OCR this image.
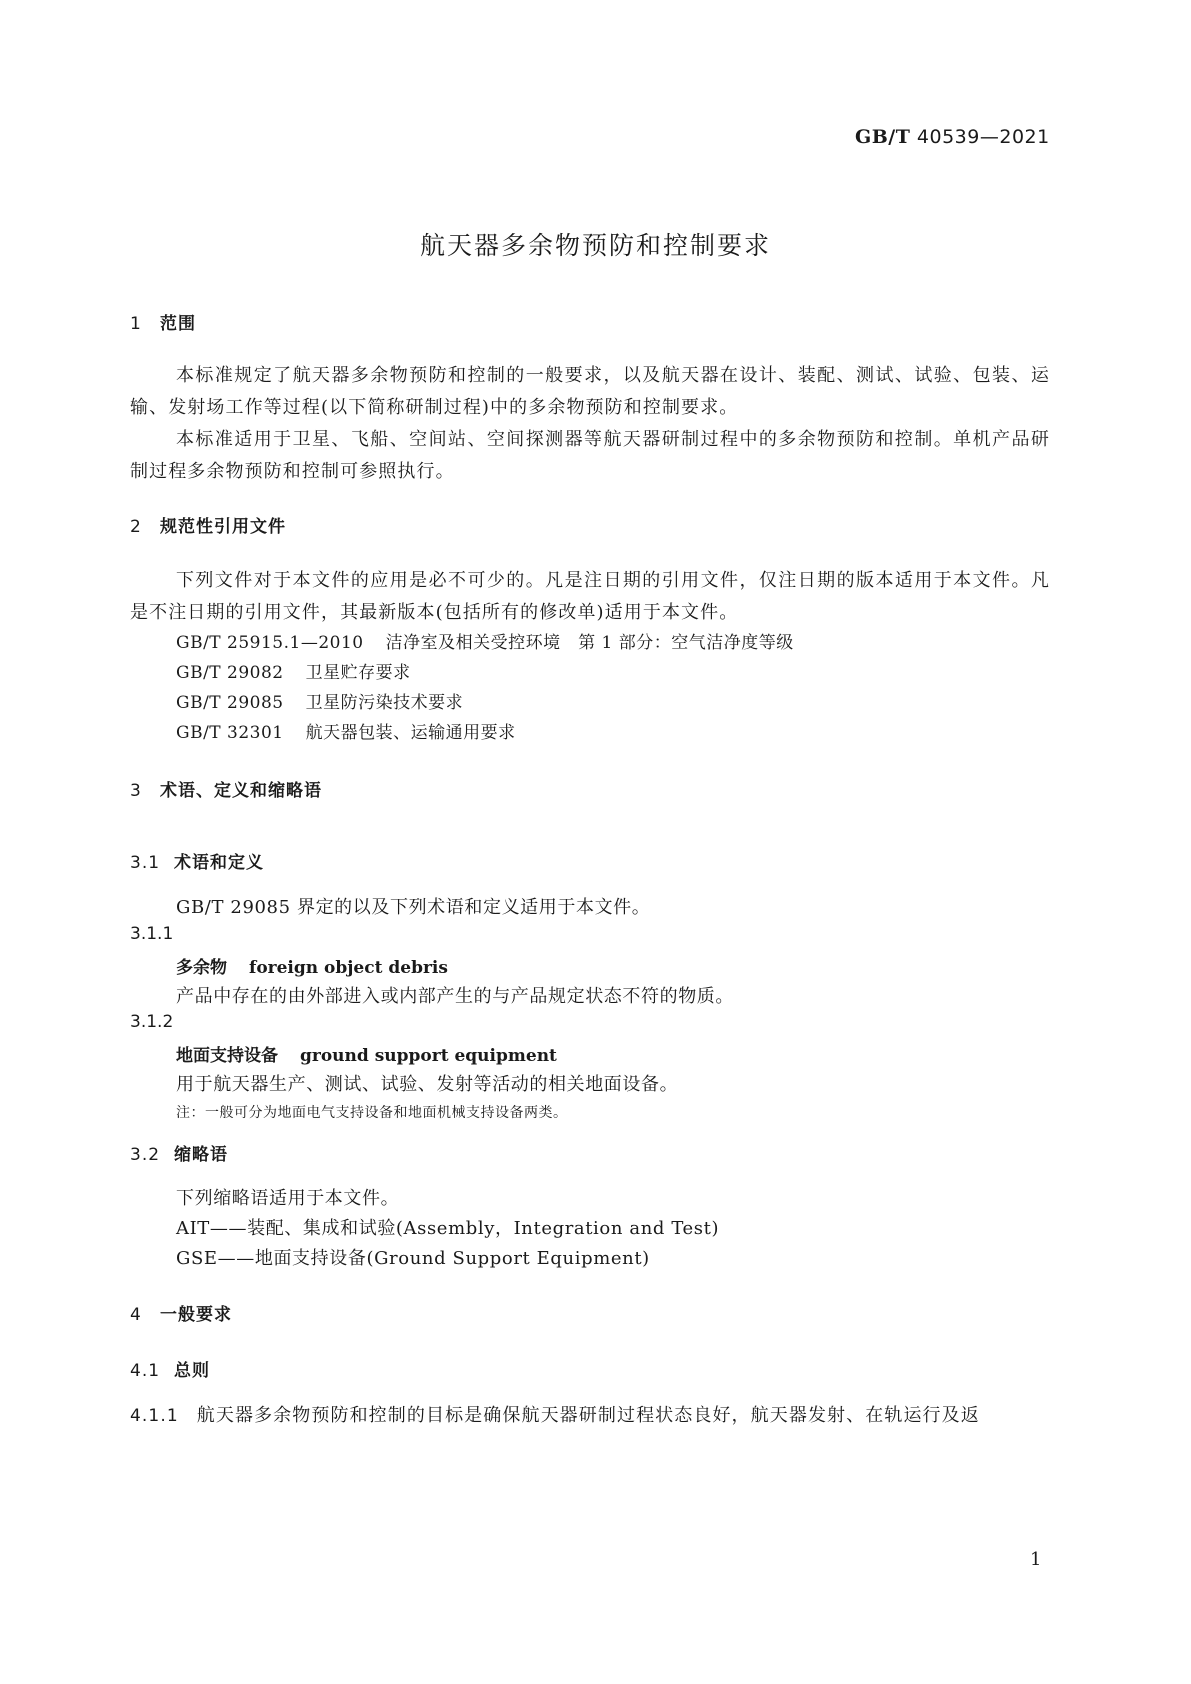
GB/T 40539—2021
航天器多余物预防和控制要求
1 范围

本标准规定了航天器多余物预防和控制的一般要求，以及航天器在设计、装配、测试、试验、包装、运输、发射场工作等过程(以下简称研制过程)中的多余物预防和控制要求。

本标准适用于卫星、飞船、空间站、空间探测器等航天器研制过程中的多余物预防和控制。单机产品研制过程多余物预防和控制可参照执行。

2 规范性引用文件

下列文件对于本文件的应用是必不可少的。凡是注日期的引用文件，仅注日期的版本适用于本文件。凡是不注日期的引用文件，其最新版本(包括所有的修改单)适用于本文件。

GB/T 25915.1—2010 洁净室及相关受控环境　第 1 部分：空气洁净度等级
GB/T 29082 卫星贮存要求
GB/T 29085 卫星防污染技术要求
GB/T 32301 航天器包装、运输通用要求
3 术语、定义和缩略语
3.1 术语和定义
GB/T 29085 界定的以及下列术语和定义适用于本文件。
3.1.1
多余物 foreign object debris
产品中存在的由外部进入或内部产生的与产品规定状态不符的物质。
3.1.2
地面支持设备 ground support equipment
用于航天器生产、测试、试验、发射等活动的相关地面设备。
注：一般可分为地面电气支持设备和地面机械支持设备两类。
3.2 缩略语
下列缩略语适用于本文件。
AIT——装配、集成和试验(Assembly，Integration and Test)
GSE——地面支持设备(Ground Support Equipment)
4 一般要求
4.1 总则
4.1.1 航天器多余物预防和控制的目标是确保航天器研制过程状态良好，航天器发射、在轨运行及返
1
